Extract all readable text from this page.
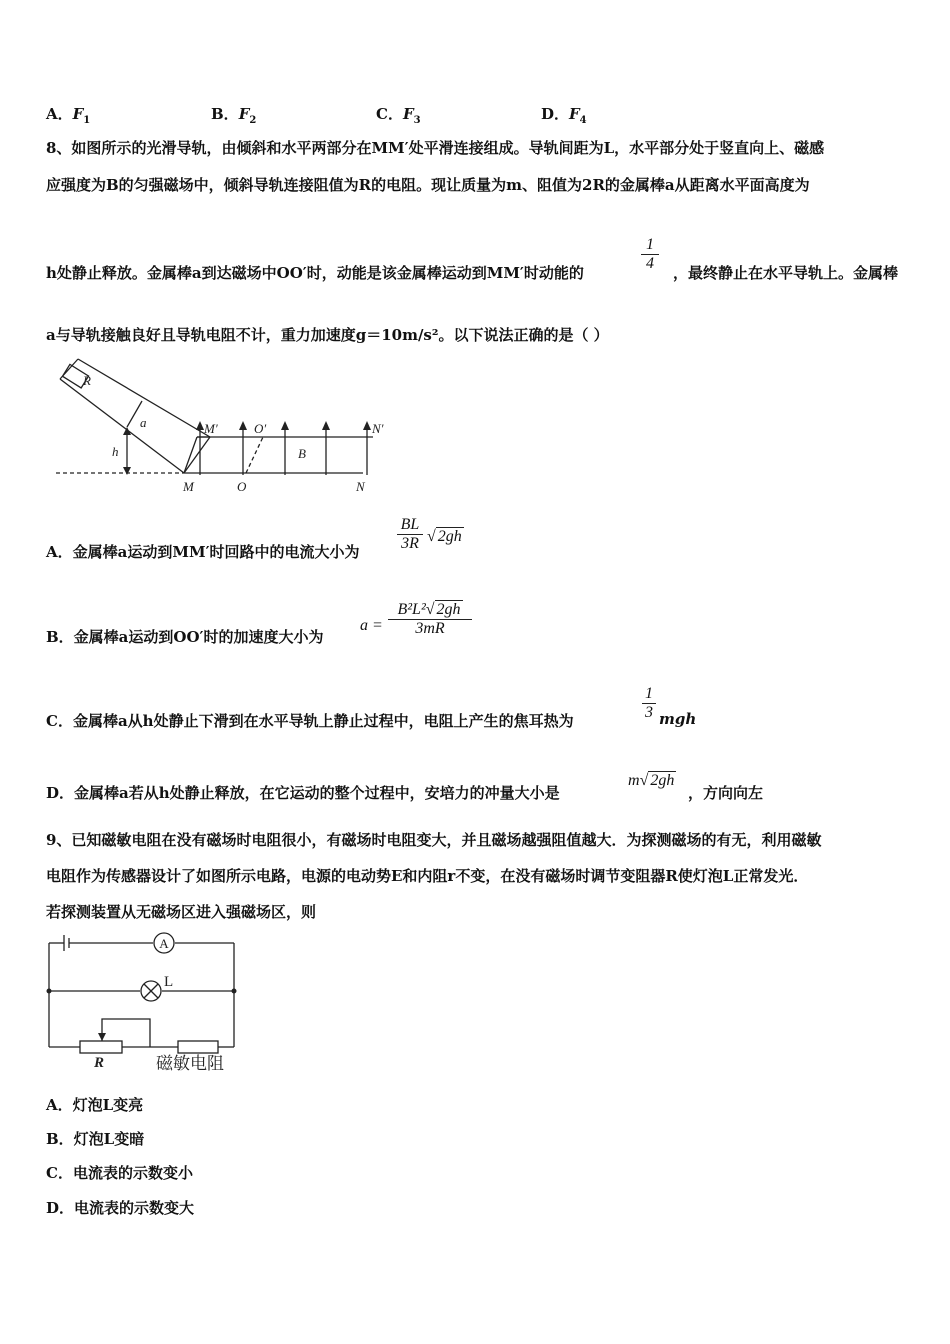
A．$F_1$	B．$F_2$	C．$F_3$	D．$F_4$
8、如图所示的光滑导轨，由倾斜和水平两部分在MM′处平滑连接组成。导轨间距为L，水平部分处于竖直向上、磁感
应强度为B的匀强磁场中，倾斜导轨连接阻值为R的电阻。现让质量为m、阻值为2R的金属棒a从距离水平面高度为
h处静止释放。金属棒a到达磁场中OO′时，动能是该金属棒运动到MM′时动能的
1
4
，最终静止在水平导轨上。金属棒
a与导轨接触良好且导轨电阻不计，重力加速度g＝10m/s²。以下说法正确的是（ ）
R
a
h
M′	O′	N′
B
M	O	N
A．金属棒a运动到MM′时回路中的电流大小为
BL
3R √ 2gh
B．金属棒a运动到OO′时的加速度大小为
a =
B²L²√ 2gh
3mR
C．金属棒a从h处静止下滑到在水平导轨上静止过程中，电阻上产生的焦耳热为
1
3 mgh
D．金属棒a若从h处静止释放，在它运动的整个过程中，安培力的冲量大小是
m√ 2gh
，方向向左
9、已知磁敏电阻在没有磁场时电阻很小，有磁场时电阻变大，并且磁场越强阻值越大．为探测磁场的有无，利用磁敏
电阻作为传感器设计了如图所示电路，电源的电动势E和内阻r不变，在没有磁场时调节变阻器R使灯泡L正常发光．
若探测装置从无磁场区进入强磁场区，则
A
L
R	磁敏电阻
A．灯泡L变亮
B．灯泡L变暗
C．电流表的示数变小
D．电流表的示数变大
